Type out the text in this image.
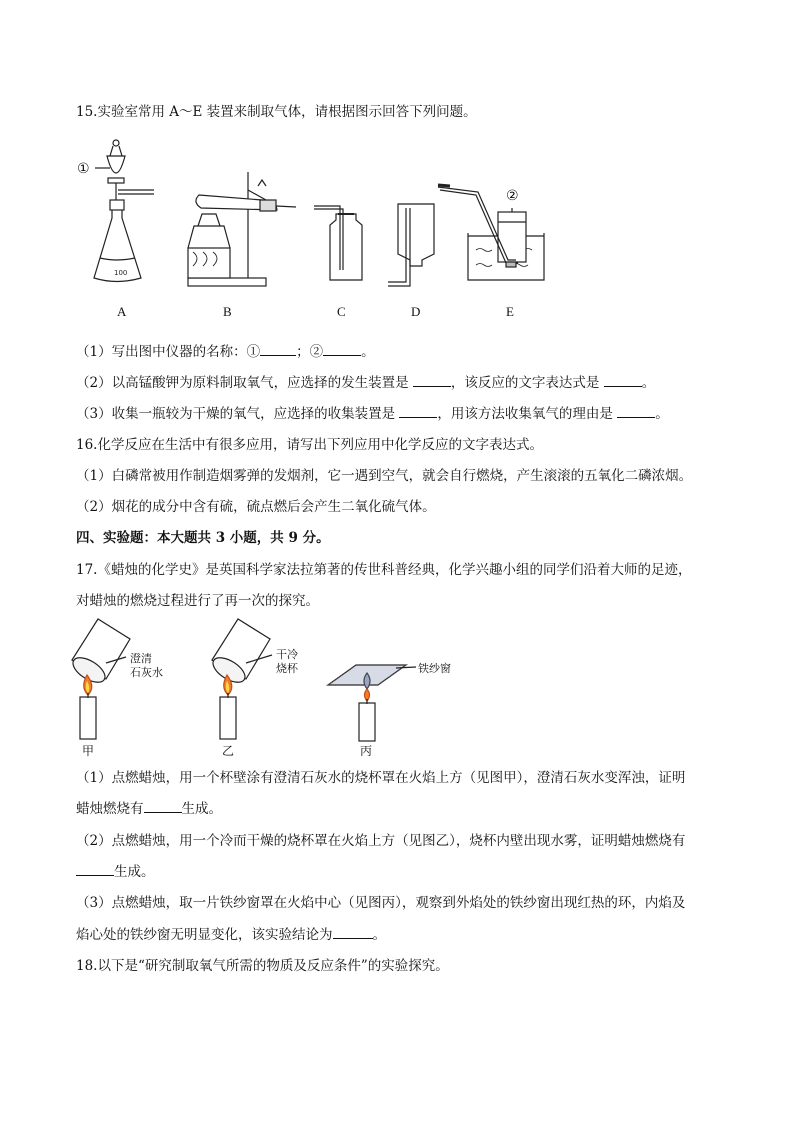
15.实验室常用 A～E 装置来制取气体，请根据图示回答下列问题。
100
①
②
A	B	C	D	E
（1）写出图中仪器的名称：①	；②	。
（2）以高锰酸钾为原料制取氧气，应选择的发生装置是	，该反应的文字表达式是	。
（3）收集一瓶较为干燥的氧气，应选择的收集装置是	，用该方法收集氧气的理由是	。
16.化学反应在生活中有很多应用，请写出下列应用中化学反应的文字表达式。
（1）白磷常被用作制造烟雾弹的发烟剂，它一遇到空气，就会自行燃烧，产生滚滚的五氧化二磷浓烟。
（2）烟花的成分中含有硫，硫点燃后会产生二氧化硫气体。
四、实验题：本大题共 3 小题，共 9 分。
17.《蜡烛的化学史》是英国科学家法拉第著的传世科普经典，化学兴趣小组的同学们沿着大师的足迹，
对蜡烛的燃烧过程进行了再一次的探究。
澄清
石灰水
干冷
烧杯	铁纱窗
甲	乙	丙
（1）点燃蜡烛，用一个杯壁涂有澄清石灰水的烧杯罩在火焰上方（见图甲），澄清石灰水变浑浊，证明
蜡烛燃烧有	生成。
（2）点燃蜡烛，用一个冷而干燥的烧杯罩在火焰上方（见图乙），烧杯内壁出现水雾，证明蜡烛燃烧有
生成。
（3）点燃蜡烛，取一片铁纱窗罩在火焰中心（见图丙），观察到外焰处的铁纱窗出现红热的环，内焰及
焰心处的铁纱窗无明显变化，该实验结论为	。
18.以下是“研究制取氧气所需的物质及反应条件”的实验探究。
